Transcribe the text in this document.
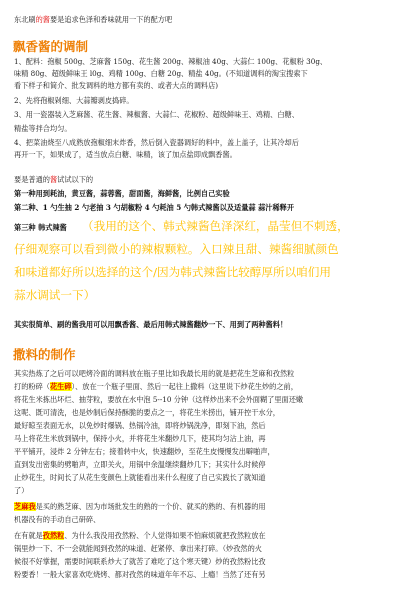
东北刷的酱要是追求色泽和香味就用一下的配方吧
飘香酱的调制
1、配料：孢椒 500g、芝麻酱 150g、花生酱 200g、辣椒油 40g、大蒜仁 100g、花椒粉 30g、
味精 80g、超级鲜味王 l0g、鸡精 100g、白糖 20g、精盐 40g。(不知道调料的淘宝搜索下
看下样子和简介、批发调料的地方都有卖的、或者大点的调料店)
2、先将孢椒剁细、大蒜瓣剥皮捣碎。
3、用一瓷器装入芝麻酱、花生酱、辣椒酱、大蒜仁、花椒粉、超级鲜味王、鸡精、白糖、
精盐等拌合均匀。
4、把菜油烧至八成熟放孢椒细末炸香，然后倒入瓷器调好的料中，盖上盖子，让其冷却后
再开一下，如果成了，适当放点白糖、味精，该了加点盐即成飘香酱。
要是普通的酱试试以下的
第一种用到耗油，黄豆酱，蒜蓉酱，甜面酱，海鲜酱，比例自己实验
第二种、1 勺生抽 2 勺老抽 3 勺胡椒粉 4 勺耗油 5 勺韩式辣酱以及适量蒜 蒜汁稀释开
第三种 韩式辣酱 （我用的这个、韩式辣酱色泽深红，晶莹但不刺透，
仔细观察可以看到微小的辣椒颗粒。入口辣且甜、辣酱细腻颜色
和味道都好所以选择的这个/因为韩式辣酱比较醇厚所以咱们用
蒜水调试一下）
其实很简单、刷的酱我用可以用飘香酱、最后用韩式辣酱翻炒一下、用到了两种酱料！
撒料的制作
其实热炼了之后可以吧烤冷面的调料放在瓶子里比如我最长用的就是把花生芝麻和孜然粒
打的粉碎（花生碎）、放在一个瓶子里面、然后一起往上撒料（这里说下炒花生炒的之前，
将花生米拣出坏烂、抽芽粒，要放在水中泡 5--10 分钟（这样炒出来不会外面糊了里面还嫩
这呢、既可清洗，也是炒制后保持酥脆的要点之一，将花生米捞出，铺开控干水分，
最好晾至表面无水，以免炒时爆锅、热锅冷油，即将炒锅洗净，即刻下油，然后
马上将花生米放到锅中，保持小火，并将花生米翻炒几下，使其均匀沾上油，再
平平铺开，浸炸 2 分钟左右；接着转中火，快速翻炒，至花生皮慢慢发出噼啪声，
直到发出密集的劈啪声，立即关火，用锅中余温继续翻炒几下；其实什么时候停
止炒花生，时间长了从花生变颜色上就能看出来什么程度了自己实践长了就知道
了）
芝麻我是买的熟芝麻、因为市场批发生的熟的一个价、就买的熟的、有机器的用
机器没有的手动自己研碎、
在有就是孜然粒、为什么我没用孜然粉、个人觉得如果不怕麻烦就把孜然粒放在
锅里炒一下、不一会就能闻到孜然的味道、赶紧停、拿出来打碎。（炒孜然的火
候很不好掌握，需要时间联系炒大了就苦了难吃了这个寒天键）炒的孜然粉比孜
粉要香！一般大家喜欢吃烧烤、都对孜然的味道年年不忘、上瘾！当然了还有另
